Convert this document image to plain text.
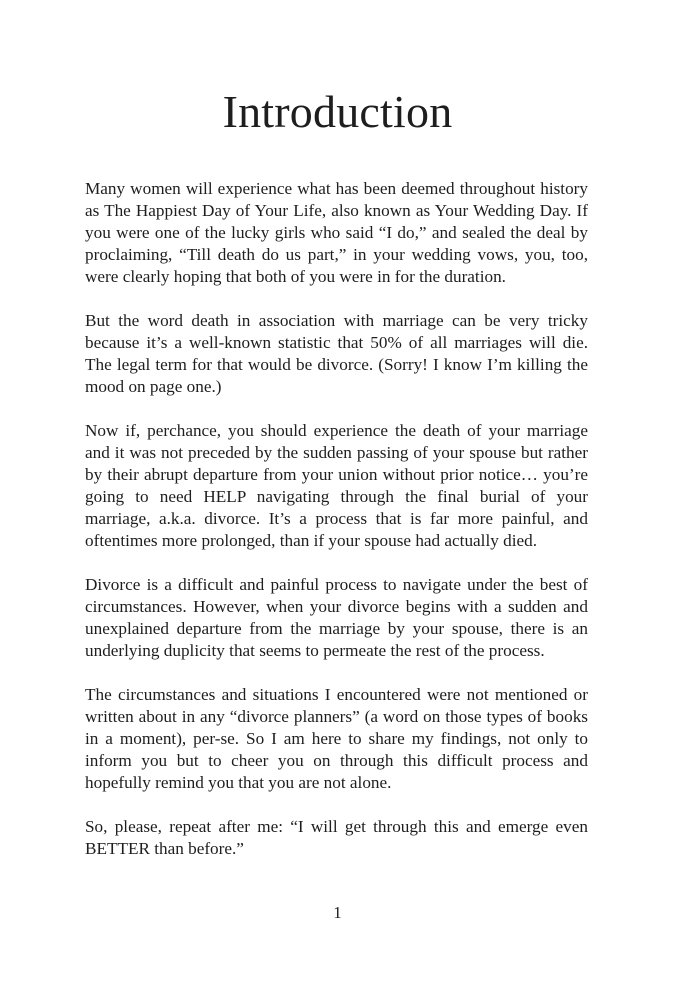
Introduction

Many women will experience what has been deemed throughout history as The Happiest Day of Your Life, also known as Your Wedding Day. If you were one of the lucky girls who said “I do,” and sealed the deal by proclaiming, “Till death do us part,” in your wedding vows, you, too, were clearly hoping that both of you were in for the duration.

But the word death in association with marriage can be very tricky because it’s a well-known statistic that 50% of all marriages will die. The legal term for that would be divorce. (Sorry! I know I’m killing the mood on page one.)

Now if, perchance, you should experience the death of your marriage and it was not preceded by the sudden passing of your spouse but rather by their abrupt departure from your union without prior notice… you’re going to need HELP navigating through the final burial of your marriage, a.k.a. divorce. It’s a process that is far more painful, and oftentimes more prolonged, than if your spouse had actually died.

Divorce is a difficult and painful process to navigate under the best of circumstances. However, when your divorce begins with a sudden and unexplained departure from the marriage by your spouse, there is an underlying duplicity that seems to permeate the rest of the process.

The circumstances and situations I encountered were not mentioned or written about in any “divorce planners” (a word on those types of books in a moment), per-se. So I am here to share my findings, not only to inform you but to cheer you on through this difficult process and hopefully remind you that you are not alone.

So, please, repeat after me: “I will get through this and emerge even BETTER than before.”

1
